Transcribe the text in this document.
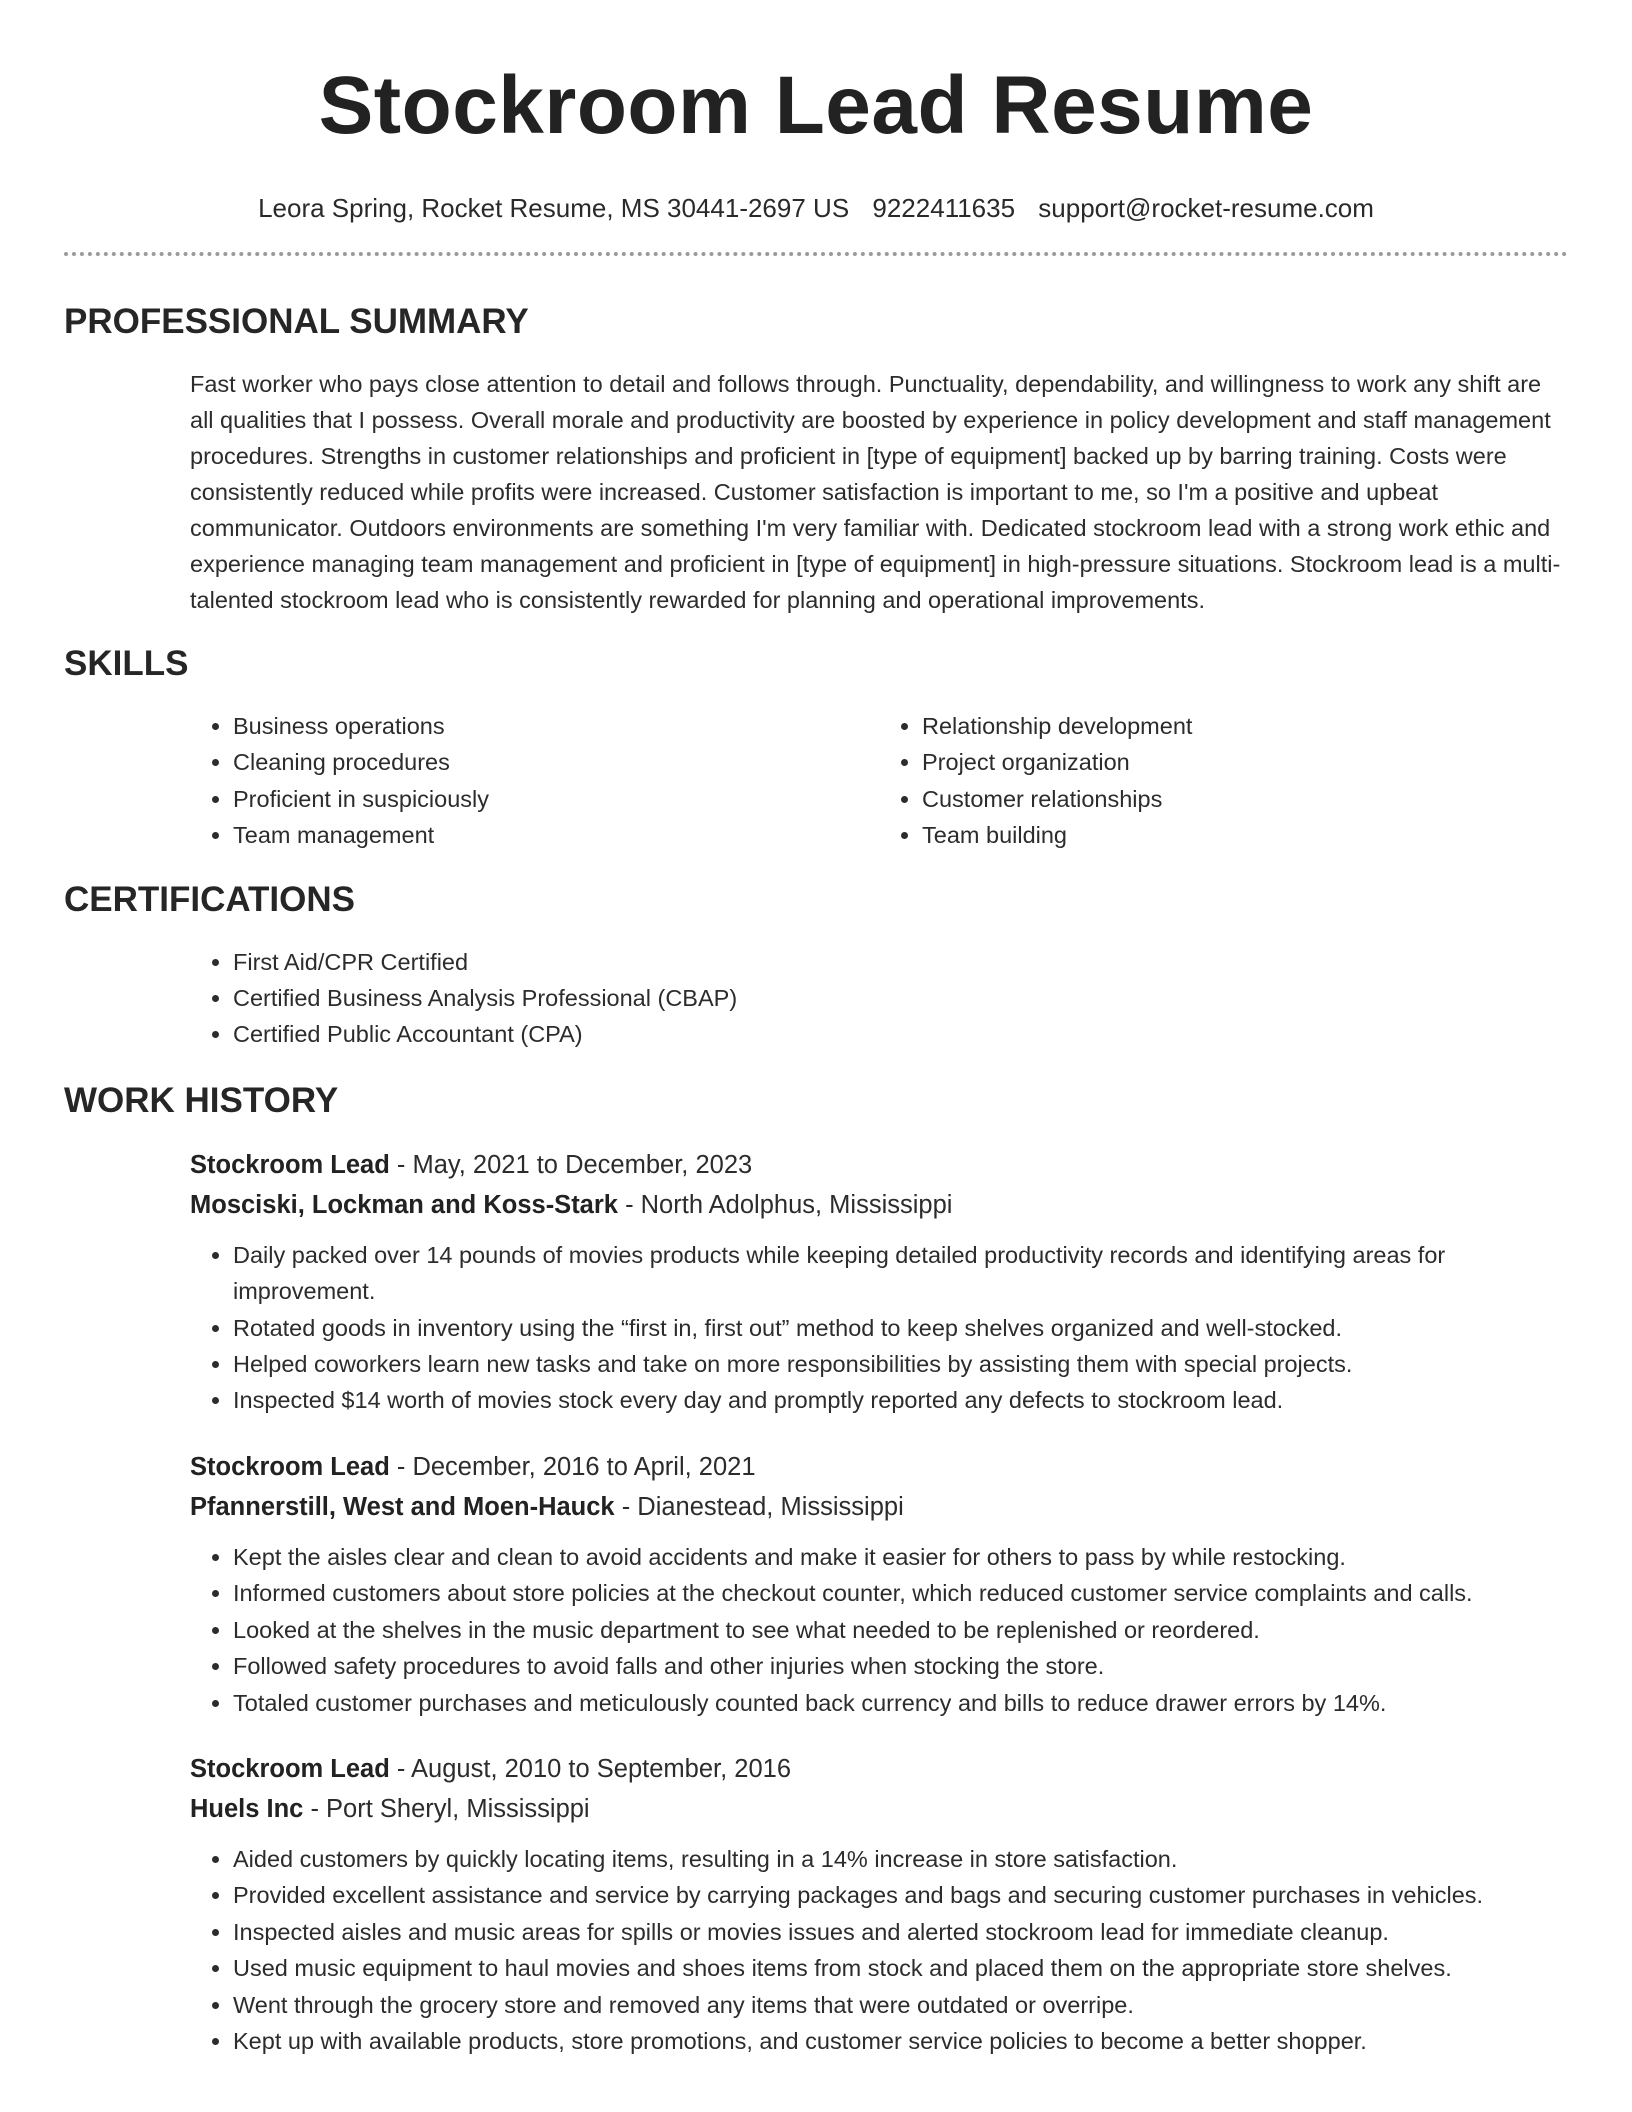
Stockroom Lead Resume
Leora Spring, Rocket Resume, MS 30441-2697 US 9222411635 support@rocket-resume.com
PROFESSIONAL SUMMARY

Fast worker who pays close attention to detail and follows through. Punctuality, dependability, and willingness to work any shift are all qualities that I possess. Overall morale and productivity are boosted by experience in policy development and staff management procedures. Strengths in customer relationships and proficient in [type of equipment] backed up by barring training. Costs were consistently reduced while profits were increased. Customer satisfaction is important to me, so I'm a positive and upbeat communicator. Outdoors environments are something I'm very familiar with. Dedicated stockroom lead with a strong work ethic and experience managing team management and proficient in [type of equipment] in high-pressure situations. Stockroom lead is a multi-talented stockroom lead who is consistently rewarded for planning and operational improvements.

SKILLS
• Business operations
• Cleaning procedures
• Proficient in suspiciously
• Team management
• Relationship development
• Project organization
• Customer relationships
• Team building
CERTIFICATIONS
• First Aid/CPR Certified
• Certified Business Analysis Professional (CBAP)
• Certified Public Accountant (CPA)
WORK HISTORY
Stockroom Lead - May, 2021 to December, 2023
Mosciski, Lockman and Koss-Stark - North Adolphus, Mississippi
• Daily packed over 14 pounds of movies products while keeping detailed productivity records and identifying areas for improvement.
• Rotated goods in inventory using the “first in, first out” method to keep shelves organized and well-stocked.
• Helped coworkers learn new tasks and take on more responsibilities by assisting them with special projects.
• Inspected $14 worth of movies stock every day and promptly reported any defects to stockroom lead.
Stockroom Lead - December, 2016 to April, 2021
Pfannerstill, West and Moen-Hauck - Dianestead, Mississippi
• Kept the aisles clear and clean to avoid accidents and make it easier for others to pass by while restocking.
• Informed customers about store policies at the checkout counter, which reduced customer service complaints and calls.
• Looked at the shelves in the music department to see what needed to be replenished or reordered.
• Followed safety procedures to avoid falls and other injuries when stocking the store.
• Totaled customer purchases and meticulously counted back currency and bills to reduce drawer errors by 14%.
Stockroom Lead - August, 2010 to September, 2016
Huels Inc - Port Sheryl, Mississippi
• Aided customers by quickly locating items, resulting in a 14% increase in store satisfaction.
• Provided excellent assistance and service by carrying packages and bags and securing customer purchases in vehicles.
• Inspected aisles and music areas for spills or movies issues and alerted stockroom lead for immediate cleanup.
• Used music equipment to haul movies and shoes items from stock and placed them on the appropriate store shelves.
• Went through the grocery store and removed any items that were outdated or overripe.
• Kept up with available products, store promotions, and customer service policies to become a better shopper.
